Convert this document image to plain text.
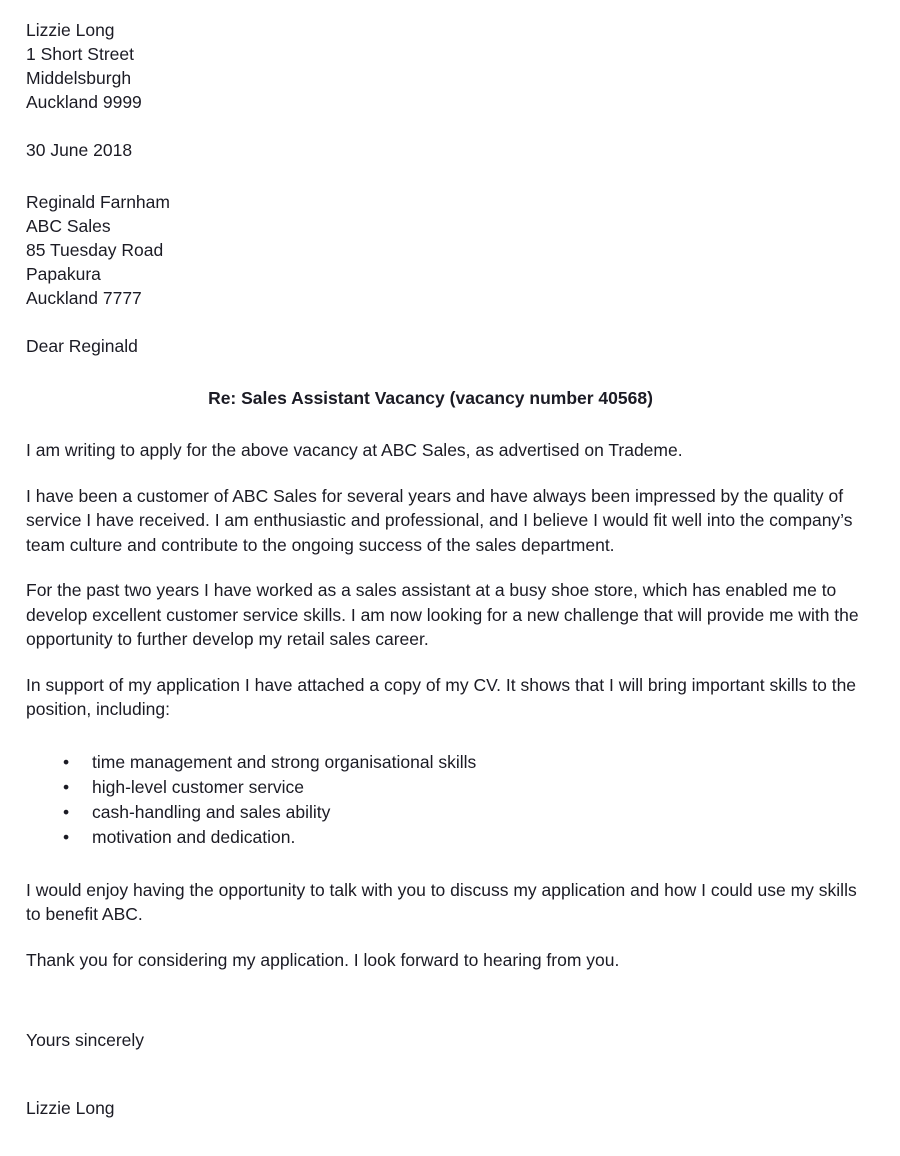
Lizzie Long
1 Short Street
Middelsburgh
Auckland 9999
30 June 2018
Reginald Farnham
ABC Sales
85 Tuesday Road
Papakura
Auckland 7777
Dear Reginald
Re: Sales Assistant Vacancy (vacancy number 40568)

I am writing to apply for the above vacancy at ABC Sales, as advertised on Trademe.

I have been a customer of ABC Sales for several years and have always been impressed by the quality of service I have received. I am enthusiastic and professional, and I believe I would fit well into the company’s team culture and contribute to the ongoing success of the sales department.

For the past two years I have worked as a sales assistant at a busy shoe store, which has enabled me to develop excellent customer service skills. I am now looking for a new challenge that will provide me with the opportunity to further develop my retail sales career.

In support of my application I have attached a copy of my CV. It shows that I will bring important skills to the position, including:

• time management and strong organisational skills
• high-level customer service
• cash-handling and sales ability
• motivation and dedication.

I would enjoy having the opportunity to talk with you to discuss my application and how I could use my skills to benefit ABC.

Thank you for considering my application. I look forward to hearing from you.

Yours sincerely
Lizzie Long
